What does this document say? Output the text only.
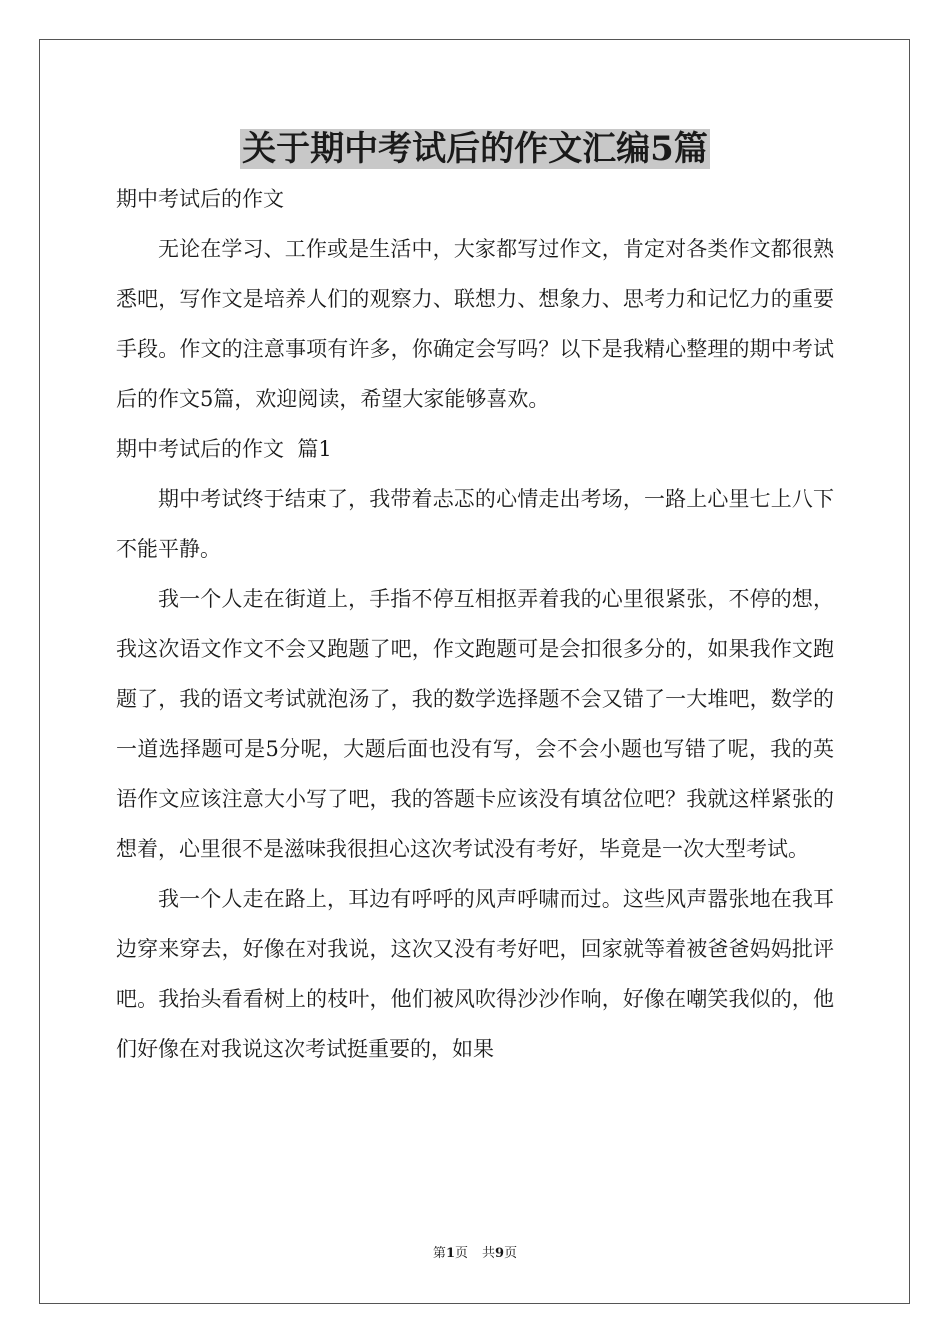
关于期中考试后的作文汇编5篇

期中考试后的作文

无论在学习、工作或是生活中，大家都写过作文，肯定对各类作文都很熟悉吧，写作文是培养人们的观察力、联想力、想象力、思考力和记忆力的重要手段。作文的注意事项有许多，你确定会写吗？以下是我精心整理的期中考试后的作文5篇，欢迎阅读，希望大家能够喜欢。

期中考试后的作文  篇1

期中考试终于结束了，我带着忐忑的心情走出考场，一路上心里七上八下不能平静。

我一个人走在街道上，手指不停互相抠弄着我的心里很紧张，不停的想，我这次语文作文不会又跑题了吧，作文跑题可是会扣很多分的，如果我作文跑题了，我的语文考试就泡汤了，我的数学选择题不会又错了一大堆吧，数学的一道选择题可是5分呢，大题后面也没有写，会不会小题也写错了呢，我的英语作文应该注意大小写了吧，我的答题卡应该没有填岔位吧？我就这样紧张的想着，心里很不是滋味我很担心这次考试没有考好，毕竟是一次大型考试。

我一个人走在路上，耳边有呼呼的风声呼啸而过。这些风声嚣张地在我耳边穿来穿去，好像在对我说，这次又没有考好吧，回家就等着被爸爸妈妈批评吧。我抬头看看树上的枝叶，他们被风吹得沙沙作响，好像在嘲笑我似的，他们好像在对我说这次考试挺重要的，如果

第1页 共9页
